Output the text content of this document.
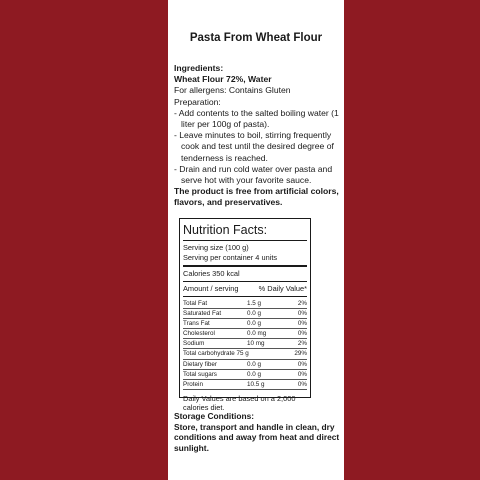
Pasta From Wheat Flour
Ingredients:
Wheat Flour 72%, Water
For allergens: Contains Gluten
Preparation:
- Add contents to the salted boiling water (1 liter per 100g of pasta).
- Leave minutes to boil, stirring frequently cook and test until the desired degree of tenderness is reached.
- Drain and run cold water over pasta and serve hot with your favorite sauce.
The product is free from artificial colors, flavors, and preservatives.
Nutrition Facts:
Serving size (100 g)
Serving per container 4 units
Calories 350 kcal
Amount / serving	% Daily Value*
Total Fat	1.5 g	2%
Saturated Fat	0.0 g	0%
Trans Fat	0.0 g	0%
Cholesterol	0.0 mg	0%
Sodium	10 mg	2%
Total carbohydrate 75 g	29%
Dietary fiber	0.0 g	0%
Total sugars	0.0 g	0%
Protein	10.5 g	0%
Daily Values are based on a 2,000 calories diet.
Storage Conditions:
Store, transport and handle in clean, dry conditions and away from heat and direct sunlight.
